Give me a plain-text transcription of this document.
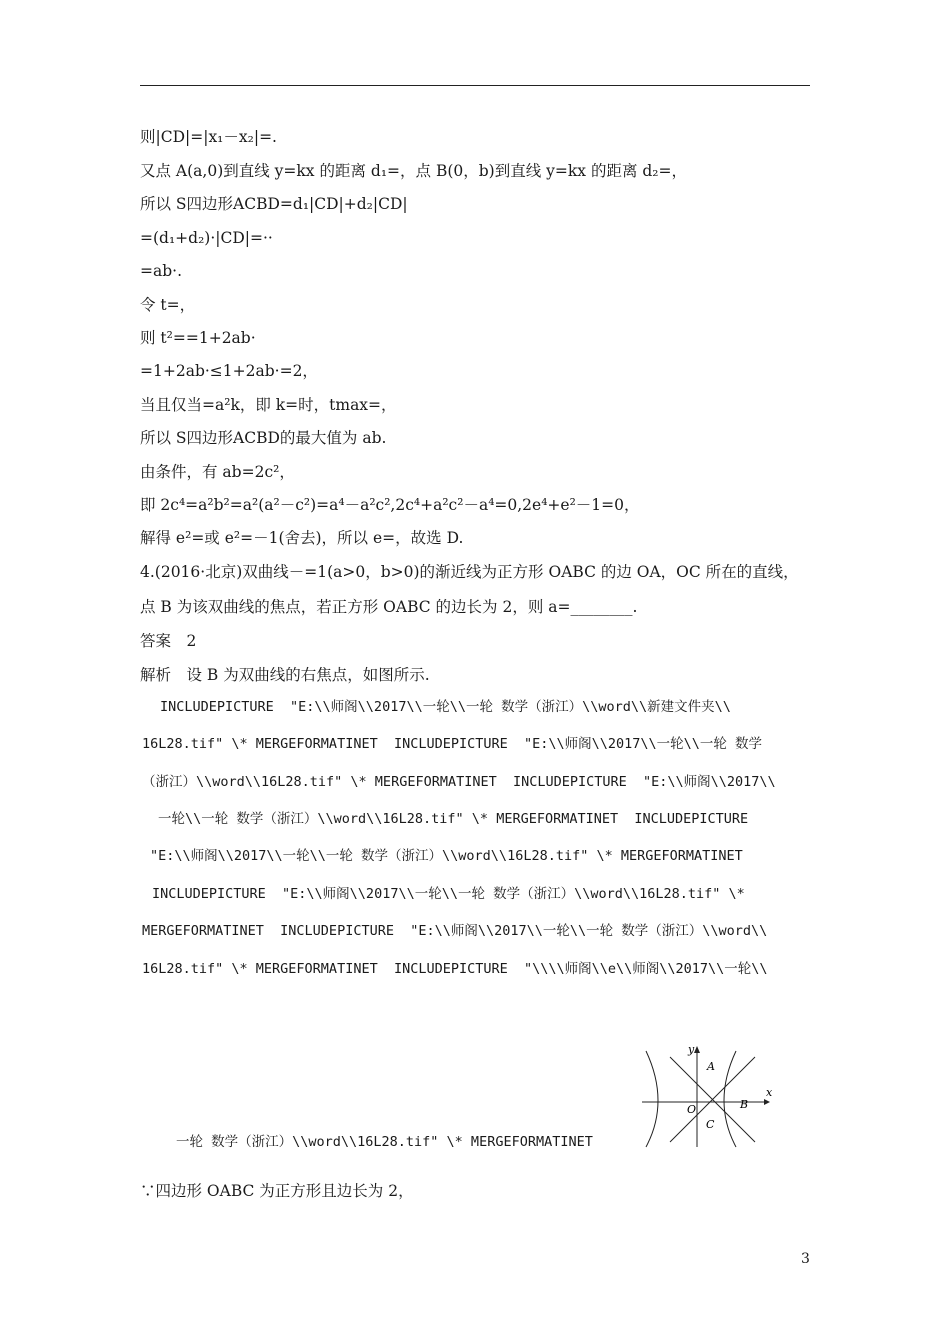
则|CD|=|x₁－x₂|=.
又点 A(a,0)到直线 y=kx 的距离 d₁=，点 B(0，b)到直线 y=kx 的距离 d₂=，
所以 S四边形ACBD=d₁|CD|+d₂|CD|
=(d₁+d₂)·|CD|=··
=ab·.
令 t=，
则 t²==1+2ab·
=1+2ab·≤1+2ab·=2，
当且仅当=a²k，即 k=时，tmax=，
所以 S四边形ACBD的最大值为 ab.
由条件，有 ab=2c²，
即 2c⁴=a²b²=a²(a²－c²)=a⁴－a²c²,2c⁴+a²c²－a⁴=0,2e⁴+e²－1=0，
解得 e²=或 e²=－1(舍去)，所以 e=，故选 D.
4.(2016·北京)双曲线－=1(a>0，b>0)的渐近线为正方形 OABC 的边 OA，OC 所在的直线，
点 B 为该双曲线的焦点，若正方形 OABC 的边长为 2，则 a=________.
答案　2
解析　设 B 为双曲线的右焦点，如图所示.
INCLUDEPICTURE  "E:\\师阁\\2017\\一轮\\一轮 数学（浙江）\\word\\新建文件夹\\
16L28.tif" \* MERGEFORMATINET  INCLUDEPICTURE  "E:\\师阁\\2017\\一轮\\一轮 数学
（浙江）\\word\\16L28.tif" \* MERGEFORMATINET  INCLUDEPICTURE  "E:\\师阁\\2017\\
一轮\\一轮 数学（浙江）\\word\\16L28.tif" \* MERGEFORMATINET  INCLUDEPICTURE
"E:\\师阁\\2017\\一轮\\一轮 数学（浙江）\\word\\16L28.tif" \* MERGEFORMATINET
INCLUDEPICTURE  "E:\\师阁\\2017\\一轮\\一轮 数学（浙江）\\word\\16L28.tif" \*
MERGEFORMATINET  INCLUDEPICTURE  "E:\\师阁\\2017\\一轮\\一轮 数学（浙江）\\word\\
16L28.tif" \* MERGEFORMATINET  INCLUDEPICTURE  "\\\\师阁\\e\\师阁\\2017\\一轮\\
一轮 数学（浙江）\\word\\16L28.tif" \* MERGEFORMATINET
y
x
O
A
B
C
∵四边形 OABC 为正方形且边长为 2，
3
